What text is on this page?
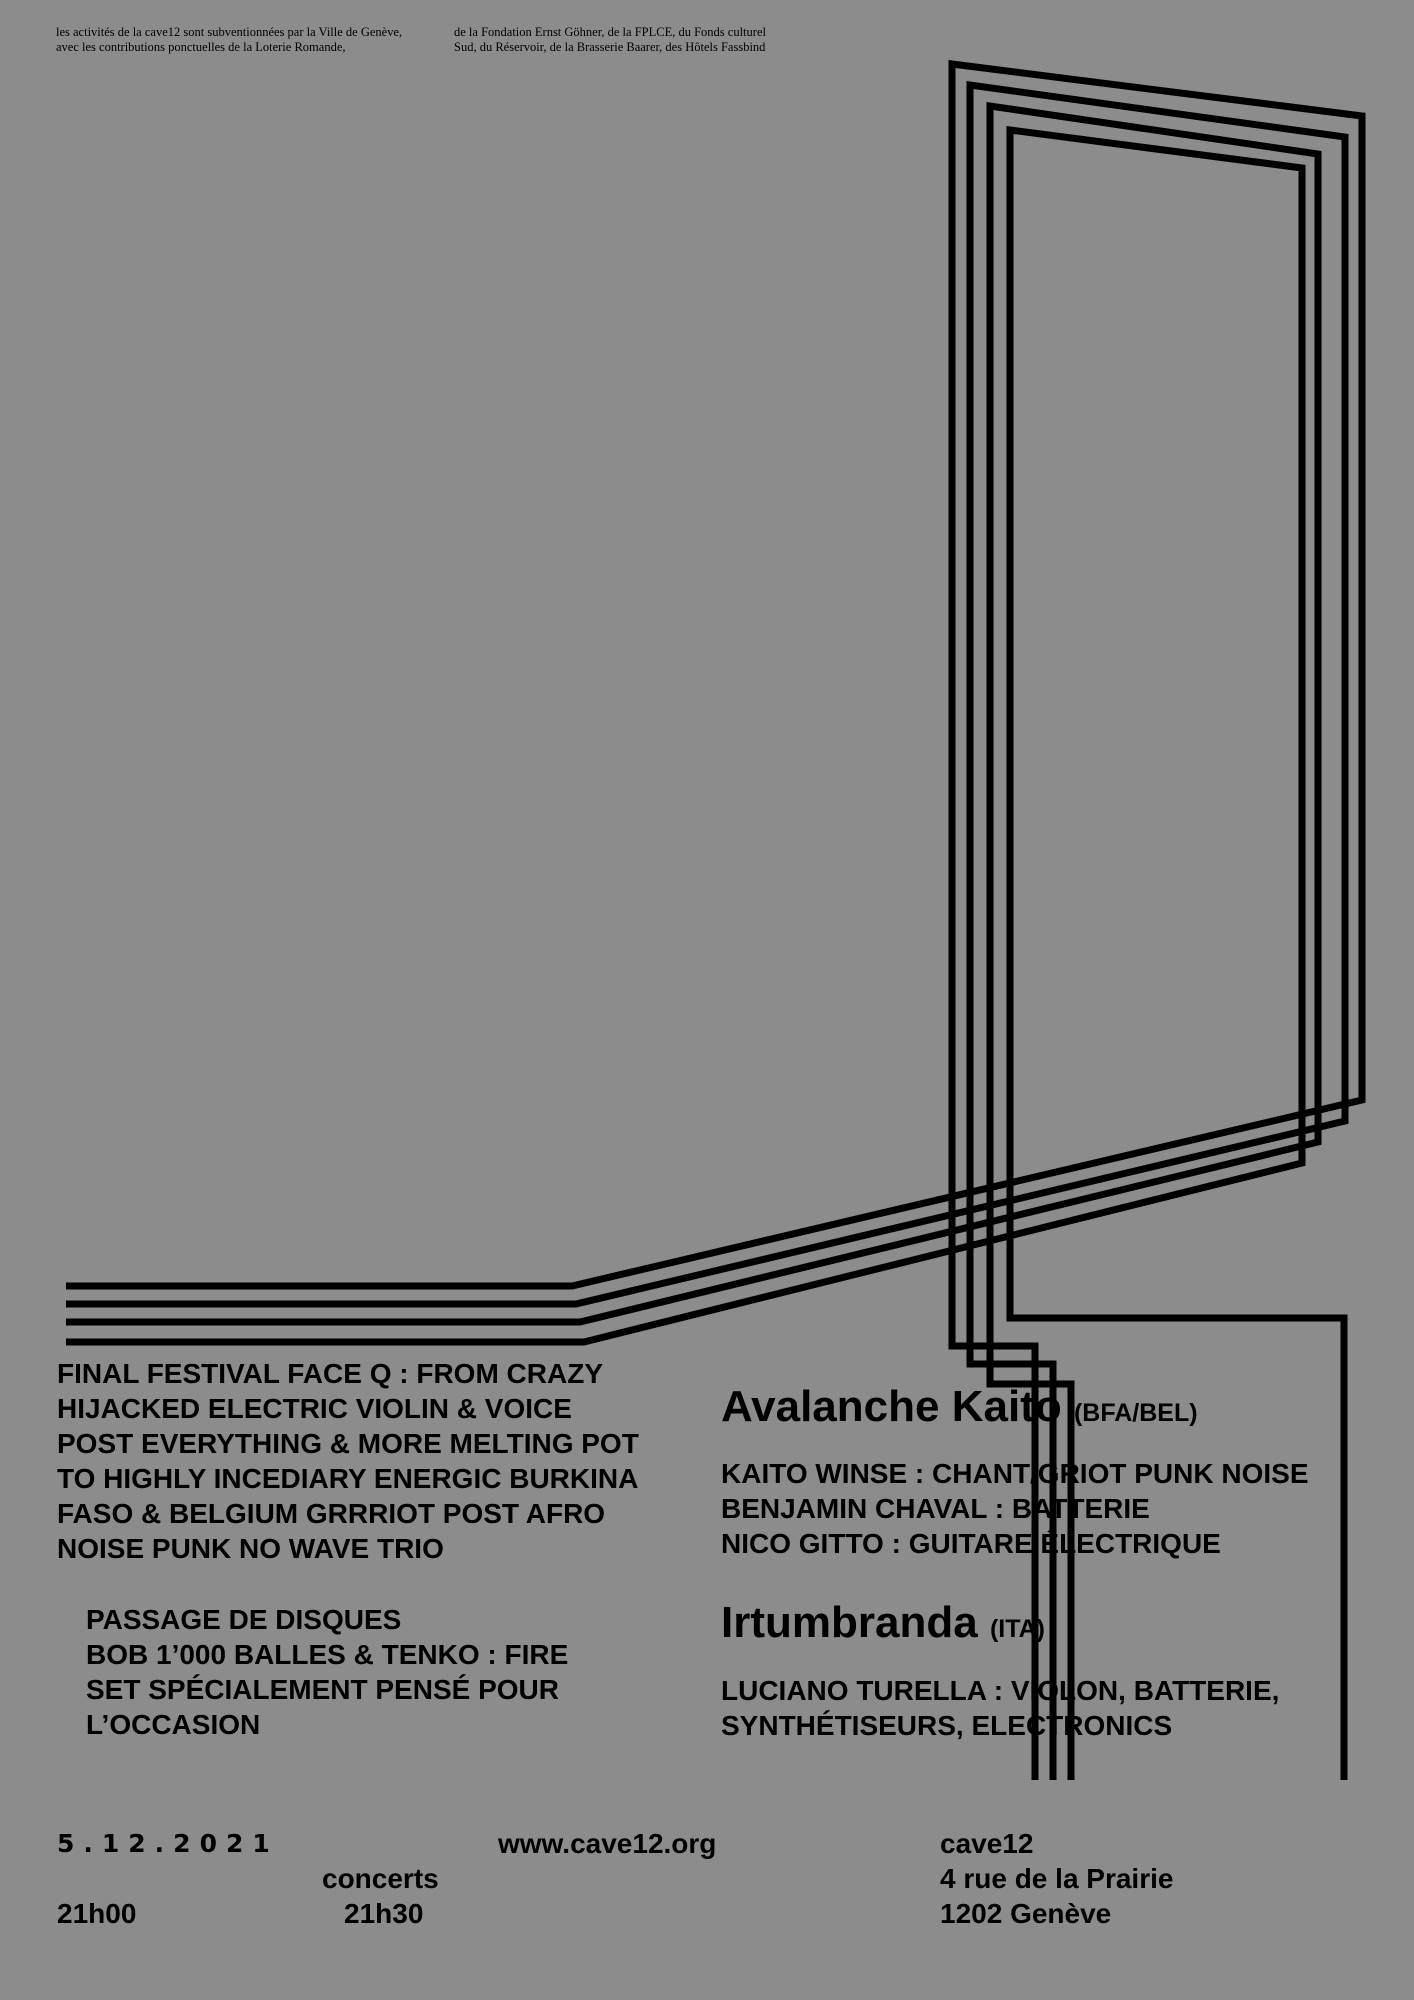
les activités de la cave12 sont subventionnées par la Ville de Genève,
avec les contributions ponctuelles de la Loterie Romande,

de la Fondation Ernst Göhner, de la FPLCE, du Fonds culturel
Sud, du Réservoir, de la Brasserie Baarer, des Hôtels Fassbind

FINAL FESTIVAL FACE Q : FROM CRAZY
HIJACKED ELECTRIC VIOLIN & VOICE
POST EVERYTHING & MORE MELTING POT
TO HIGHLY INCEDIARY ENERGIC BURKINA
FASO & BELGIUM GRRRIOT POST AFRO
NOISE PUNK NO WAVE TRIO
PASSAGE DE DISQUES
BOB 1’000 BALLES & TENKO : FIRE
SET SPÉCIALEMENT PENSÉ POUR
L’OCCASION
Avalanche Kaito (BFA/BEL)
KAITO WINSE : CHANT/GRIOT PUNK NOISE
BENJAMIN CHAVAL : BATTERIE
NICO GITTO : GUITARE ÉLECTRIQUE
Irtumbranda (ITA)
LUCIANO TURELLA : VIOLON, BATTERIE,
SYNTHÉTISEURS, ELECTRONICS
5.12.2021
21h00
concerts
21h30
www.cave12.org	cave12
4 rue de la Prairie
1202 Genève
